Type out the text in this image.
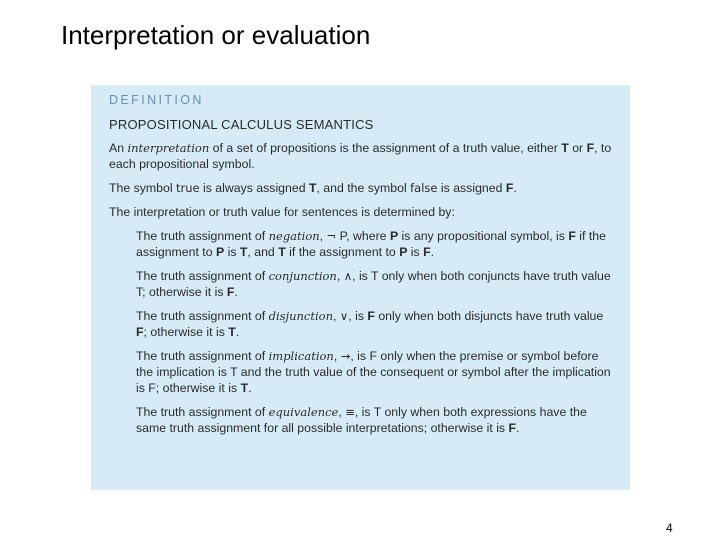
Interpretation or evaluation
DEFINITION
PROPOSITIONAL CALCULUS SEMANTICS

An interpretation of a set of propositions is the assignment of a truth value, either T or F, to each propositional symbol.

The symbol true is always assigned T, and the symbol false is assigned F.

The interpretation or truth value for sentences is determined by:

The truth assignment of negation, ¬ P, where P is any propositional symbol, is F if the assignment to P is T, and T if the assignment to P is F.

The truth assignment of conjunction, ∧, is T only when both conjuncts have truth value T; otherwise it is F.

The truth assignment of disjunction, ∨, is F only when both disjuncts have truth value F; otherwise it is T.

The truth assignment of implication, →, is F only when the premise or symbol before the implication is T and the truth value of the consequent or symbol after the implication is F; otherwise it is T.

The truth assignment of equivalence, ≡, is T only when both expressions have the same truth assignment for all possible interpretations; otherwise it is F.

4
